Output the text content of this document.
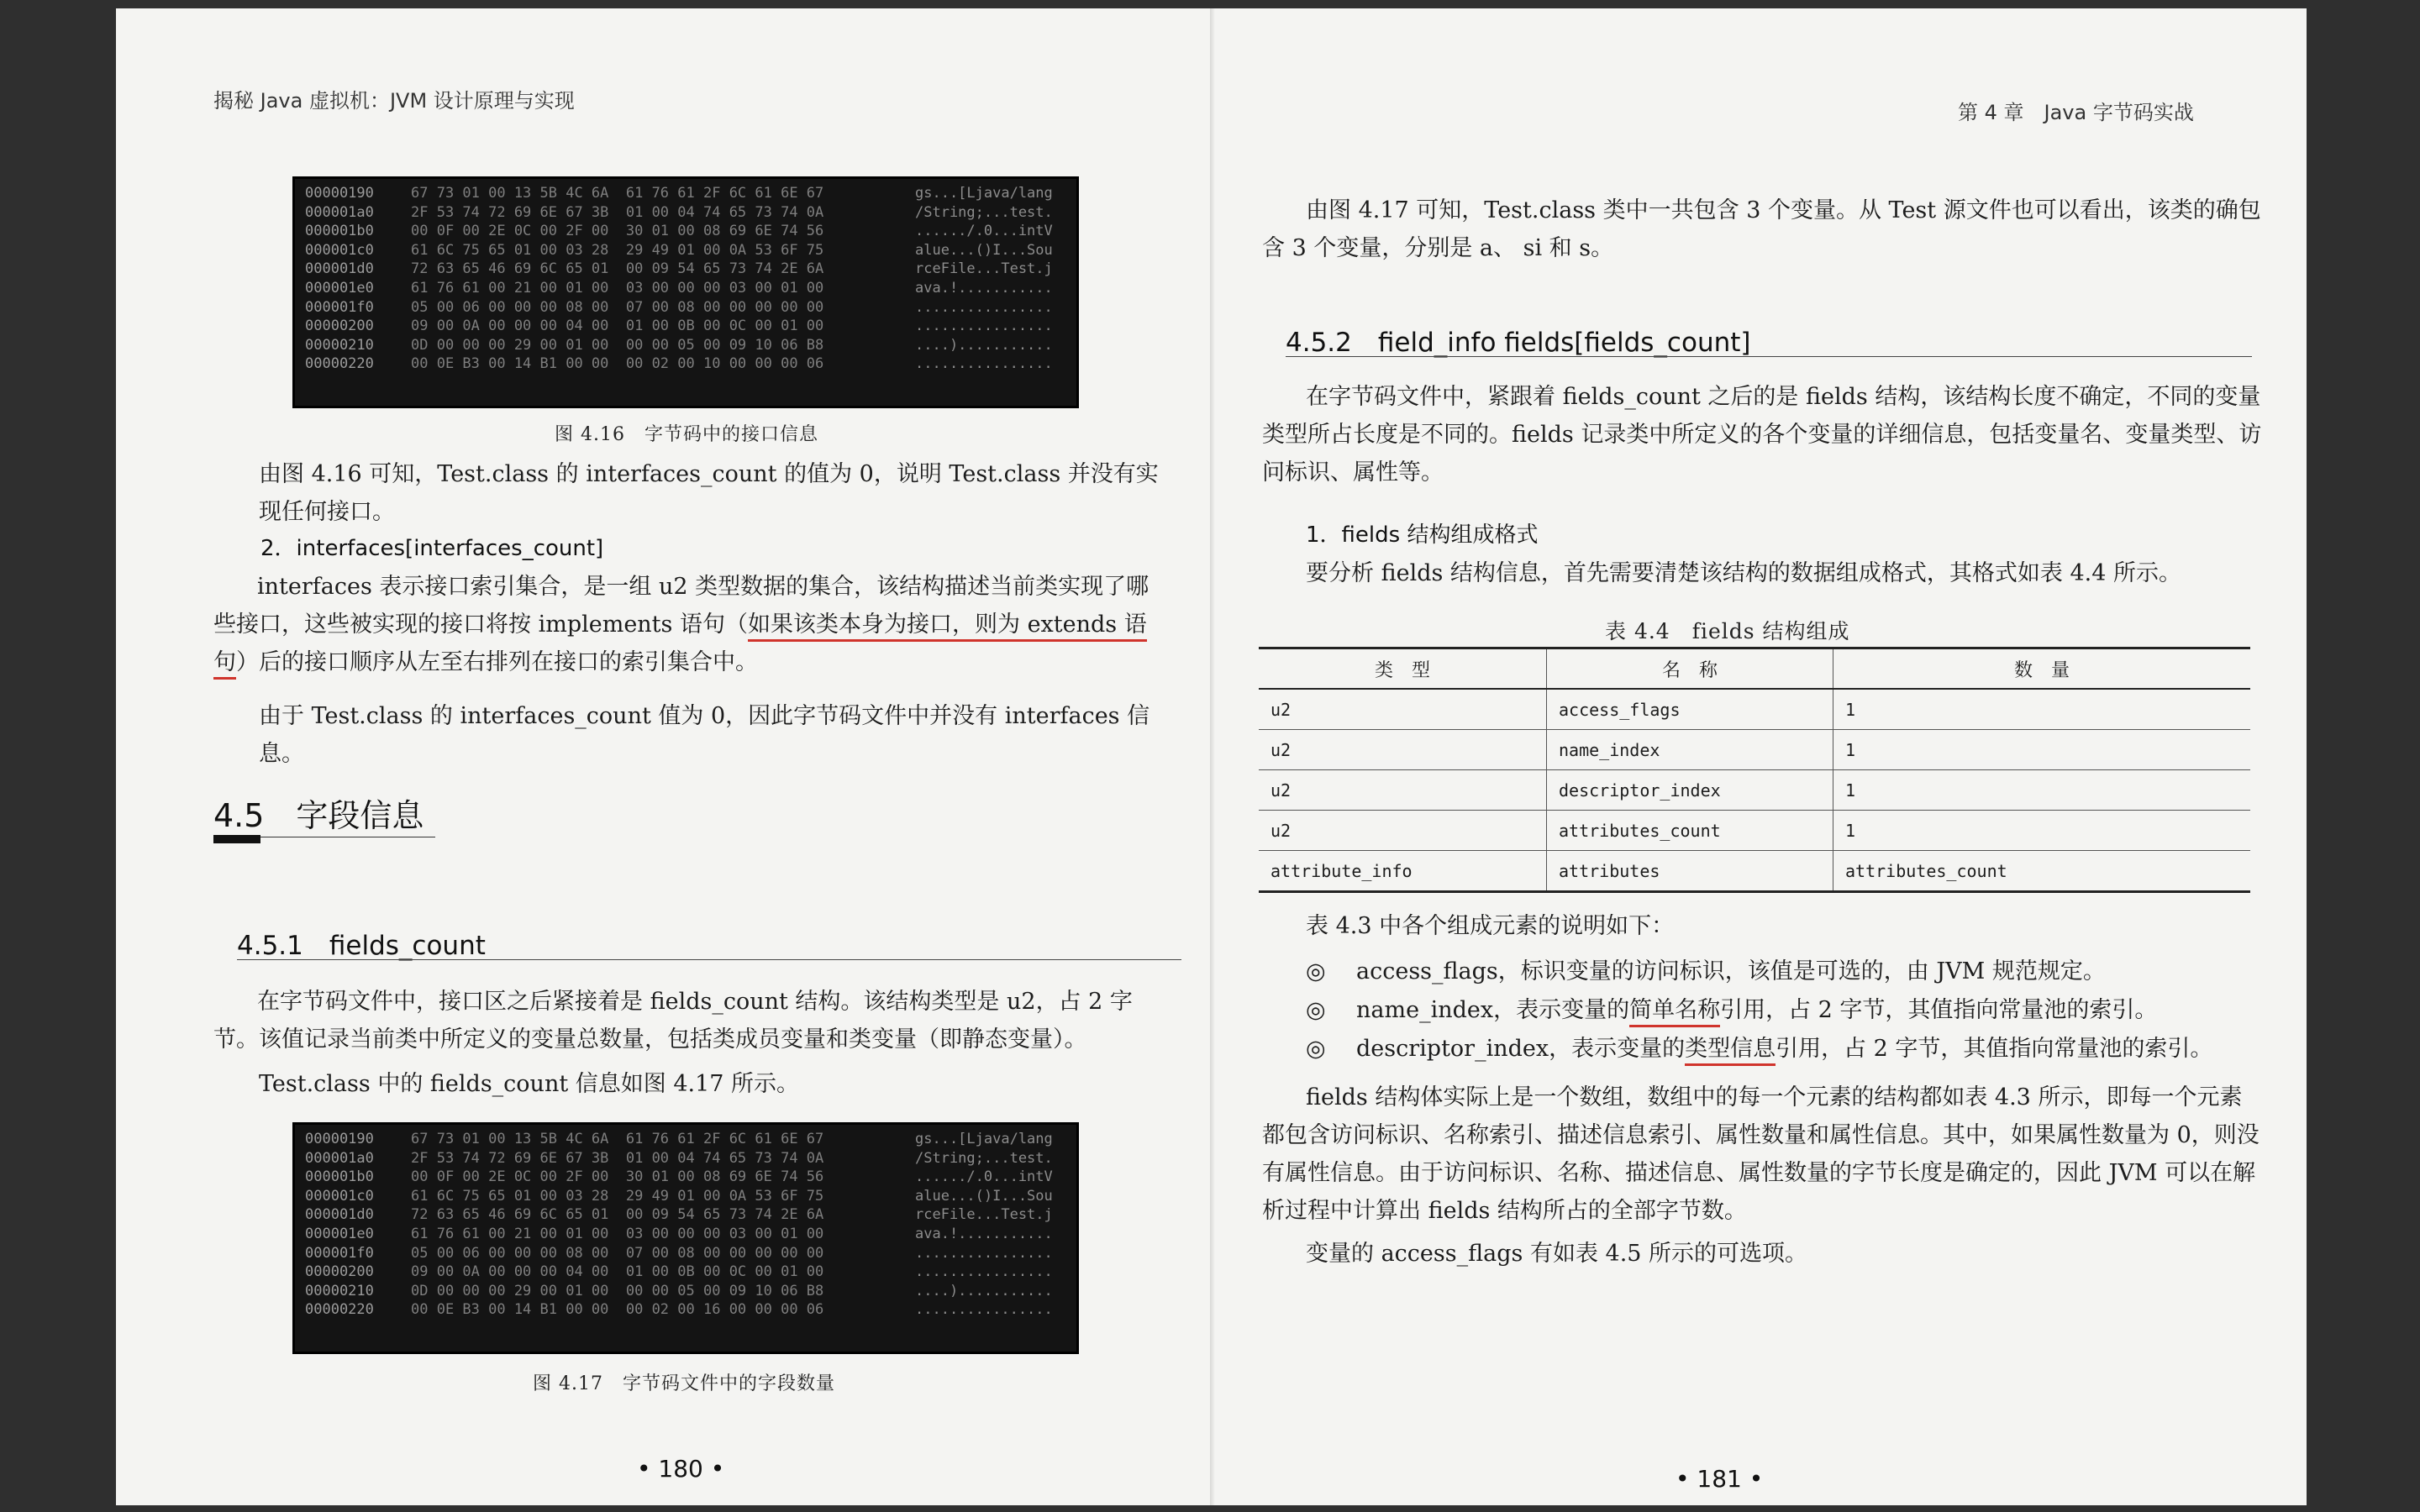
揭秘 Java 虚拟机：JVM 设计原理与实现
00000190	67 73 01 00 13 5B 4C 6A  61 76 61 2F 6C 61 6E 67	gs...[Ljava/lang
000001a0	2F 53 74 72 69 6E 67 3B  01 00 04 74 65 73 74 0A	/String;...test.
000001b0	00 0F 00 2E 0C 00 2F 00  30 01 00 08 69 6E 74 56	....../.0...intV
000001c0	61 6C 75 65 01 00 03 28  29 49 01 00 0A 53 6F 75	alue...()I...Sou
000001d0	72 63 65 46 69 6C 65 01  00 09 54 65 73 74 2E 6A	rceFile...Test.j
000001e0	61 76 61 00 21 00 01 00  03 00 00 00 03 00 01 00	ava.!...........
000001f0	05 00 06 00 00 00 08 00  07 00 08 00 00 00 00 00	................
00000200	09 00 0A 00 00 00 04 00  01 00 0B 00 0C 00 01 00	................
00000210	0D 00 00 00 29 00 01 00  00 00 05 00 09 10 06 B8	....)...........
00000220	00 0E B3 00 14 B1 00 00  00 02 00 10 00 00 00 06	................
图 4.16　字节码中的接口信息

由图 4.16 可知，Test.class 的 interfaces_count 的值为 0，说明 Test.class 并没有实现任何接口。

2．interfaces[interfaces_count]

interfaces 表示接口索引集合，是一组 u2 类型数据的集合，该结构描述当前类实现了哪些接口，这些被实现的接口将按 implements 语句（如果该类本身为接口，则为 extends 语句）后的接口顺序从左至右排列在接口的索引集合中。

由于 Test.class 的 interfaces_count 值为 0，因此字节码文件中并没有 interfaces 信息。

4.5　字段信息
4.5.1　fields_count

在字节码文件中，接口区之后紧接着是 fields_count 结构。该结构类型是 u2，占 2 字节。该值记录当前类中所定义的变量总数量，包括类成员变量和类变量（即静态变量）。

Test.class 中的 fields_count 信息如图 4.17 所示。

00000190	67 73 01 00 13 5B 4C 6A  61 76 61 2F 6C 61 6E 67	gs...[Ljava/lang
000001a0	2F 53 74 72 69 6E 67 3B  01 00 04 74 65 73 74 0A	/String;...test.
000001b0	00 0F 00 2E 0C 00 2F 00  30 01 00 08 69 6E 74 56	....../.0...intV
000001c0	61 6C 75 65 01 00 03 28  29 49 01 00 0A 53 6F 75	alue...()I...Sou
000001d0	72 63 65 46 69 6C 65 01  00 09 54 65 73 74 2E 6A	rceFile...Test.j
000001e0	61 76 61 00 21 00 01 00  03 00 00 00 03 00 01 00	ava.!...........
000001f0	05 00 06 00 00 00 08 00  07 00 08 00 00 00 00 00	................
00000200	09 00 0A 00 00 00 04 00  01 00 0B 00 0C 00 01 00	................
00000210	0D 00 00 00 29 00 01 00  00 00 05 00 09 10 06 B8	....)...........
00000220	00 0E B3 00 14 B1 00 00  00 02 00 16 00 00 00 06	................
图 4.17　字节码文件中的字段数量
• 180 •
第 4 章　Java 字节码实战

由图 4.17 可知，Test.class 类中一共包含 3 个变量。从 Test 源文件也可以看出，该类的确包含 3 个变量，分别是 a、 si 和 s。

4.5.2　field_info fields[fields_count]

在字节码文件中，紧跟着 fields_count 之后的是 fields 结构，该结构长度不确定，不同的变量类型所占长度是不同的。fields 记录类中所定义的各个变量的详细信息，包括变量名、变量类型、访问标识、属性等。

1．fields 结构组成格式

要分析 fields 结构信息，首先需要清楚该结构的数据组成格式，其格式如表 4.4 所示。

表 4.4　fields 结构组成
类　型	名　称	数　量
u2	access_flags	1
u2	name_index	1
u2	descriptor_index	1
u2	attributes_count	1
attribute_info	attributes	attributes_count

表 4.3 中各个组成元素的说明如下：

◎ access_flags，标识变量的访问标识，该值是可选的，由 JVM 规范规定。
◎ name_index，表示变量的简单名称引用，占 2 字节，其值指向常量池的索引。
◎ descriptor_index，表示变量的类型信息引用，占 2 字节，其值指向常量池的索引。

fields 结构体实际上是一个数组，数组中的每一个元素的结构都如表 4.3 所示，即每一个元素都包含访问标识、名称索引、描述信息索引、属性数量和属性信息。其中，如果属性数量为 0，则没有属性信息。由于访问标识、名称、描述信息、属性数量的字节长度是确定的，因此 JVM 可以在解析过程中计算出 fields 结构所占的全部字节数。

变量的 access_flags 有如表 4.5 所示的可选项。

• 181 •
